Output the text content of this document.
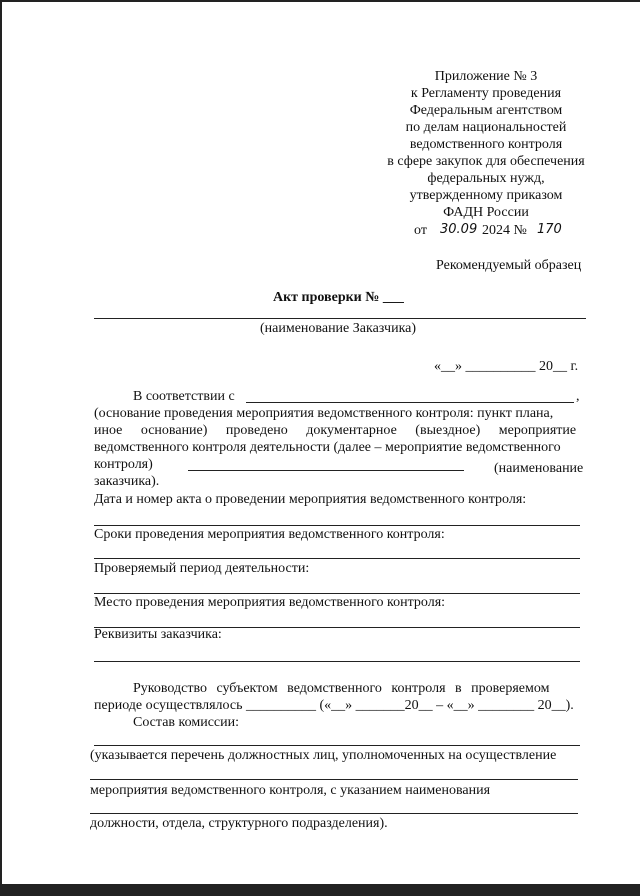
Приложение № 3
к Регламенту проведения
Федеральным агентством
по делам национальностей
ведомственного контроля
в сфере закупок для обеспечения
федеральных нужд,
утвержденному приказом
ФАДН России
от 30.09 2024 № 170
Рекомендуемый образец
Акт проверки № ___
(наименование Заказчика)
«__» __________ 20__ г.
В соответствии с	,
(основание проведения мероприятия ведомственного контроля: пункт плана,
иное основание) проведено документарное (выездное) мероприятие
ведомственного контроля деятельности (далее – мероприятие ведомственного
контроля)	(наименование
заказчика).
Дата и номер акта о проведении мероприятия ведомственного контроля:
Сроки проведения мероприятия ведомственного контроля:
Проверяемый период деятельности:
Место проведения мероприятия ведомственного контроля:
Реквизиты заказчика:
Руководство субъектом ведомственного контроля в проверяемом
периоде осуществлялось __________ («__» _______20__ – «__» ________ 20__).
Состав комиссии:
(указывается перечень должностных лиц, уполномоченных на осуществление
мероприятия ведомственного контроля, с указанием наименования
должности, отдела, структурного подразделения).
